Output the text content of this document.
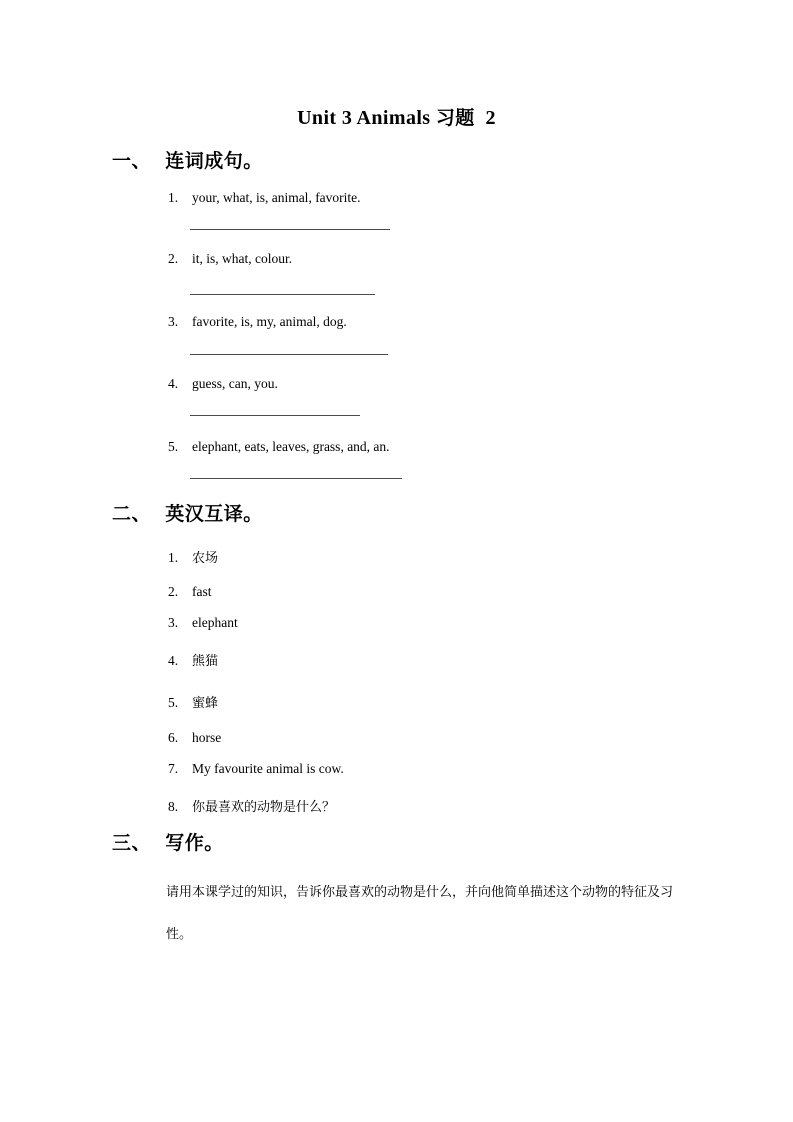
Unit 3 Animals 习题 2
一、  连词成句。
1. your, what, is, animal, favorite.
2. it, is, what, colour.
3. favorite, is, my, animal, dog.
4. guess, can, you.
5. elephant, eats, leaves, grass, and, an.
二、  英汉互译。
1. 农场
2. fast
3. elephant
4. 熊猫
5. 蜜蜂
6. horse
7. My favourite animal is cow.
8. 你最喜欢的动物是什么？
三、  写作。
请用本课学过的知识，告诉你最喜欢的动物是什么，并向他简单描述这个动物的特征及习性。
